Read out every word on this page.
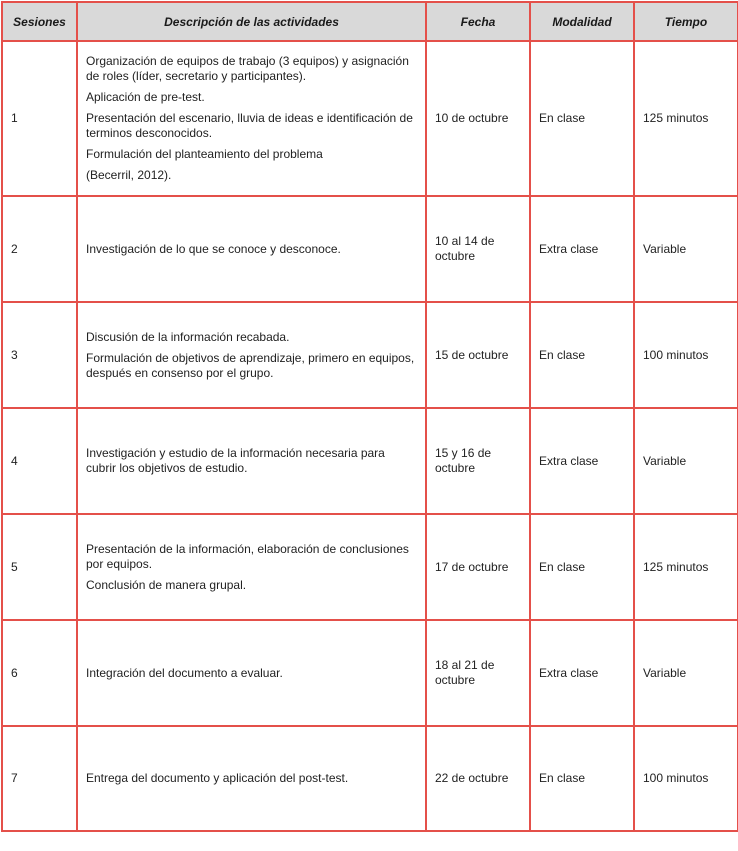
Sesiones	Descripción de las actividades	Fecha	Modalidad	Tiempo
1	Organización de equipos de trabajo (3 equipos) y asignación de roles (líder, secretario y participantes).

Aplicación de pre-test.

Presentación del escenario, lluvia de ideas e identificación de terminos desconocidos.

Formulación del planteamiento del problema

(Becerril, 2012).	10 de octubre	En clase	125 minutos
2	Investigación de lo que se conoce y desconoce.	10 al 14 de octubre	Extra clase	Variable
3	Discusión de la información recabada.

Formulación de objetivos de aprendizaje, primero en equipos, después en consenso por el grupo.	15 de octubre	En clase	100 minutos
4	Investigación y estudio de la información necesaria para cubrir los objetivos de estudio.	15 y 16 de octubre	Extra clase	Variable
5	Presentación de la información, elaboración de conclusiones por equipos.

Conclusión de manera grupal.	17 de octubre	En clase	125 minutos
6	Integración del documento a evaluar.	18 al 21 de octubre	Extra clase	Variable
7	Entrega del documento y aplicación del post-test.	22 de octubre	En clase	100 minutos
